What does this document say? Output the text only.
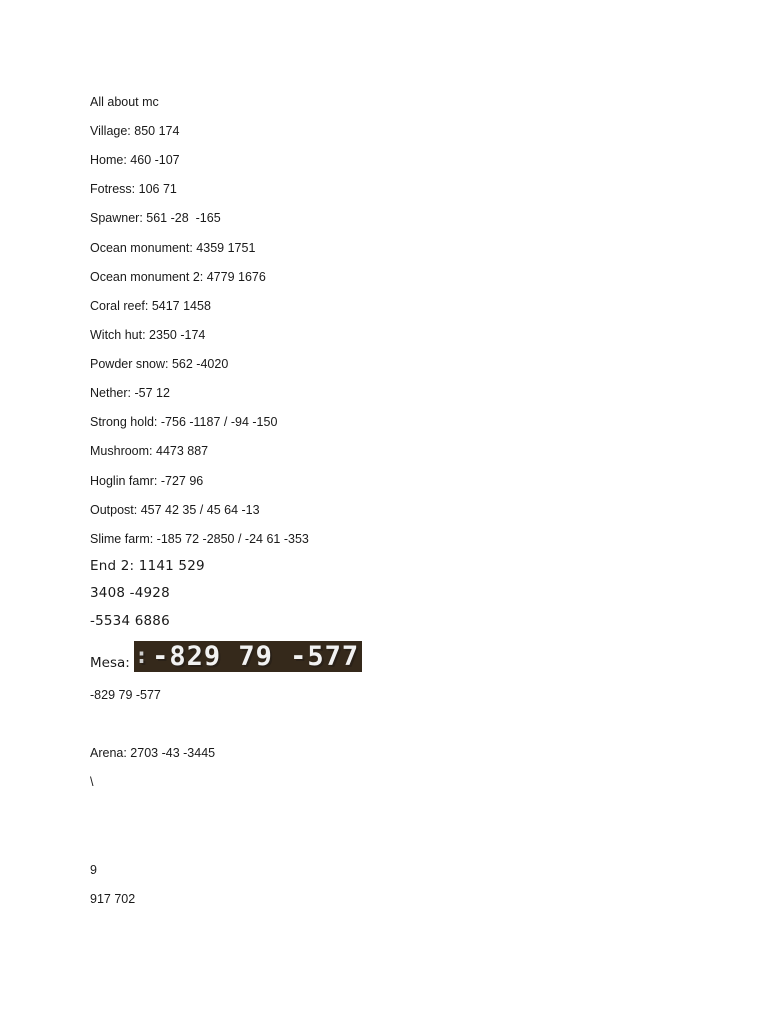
All about mc
Village: 850 174
Home: 460 -107
Fotress: 106 71
Spawner: 561 -28  -165
Ocean monument: 4359 1751
Ocean monument 2: 4779 1676
Coral reef: 5417 1458
Witch hut: 2350 -174
Powder snow: 562 -4020
Nether: -57 12
Strong hold: -756 -1187 / -94 -150
Mushroom: 4473 887
Hoglin famr: -727 96
Outpost: 457 42 35 / 45 64 -13
Slime farm: -185 72 -2850 / -24 61 -353
End 2: 1141 529
3408 -4928
-5534 6886
Mesa: : -829 79 -577
-829 79 -577
Arena: 2703 -43 -3445
\
9
917 702
